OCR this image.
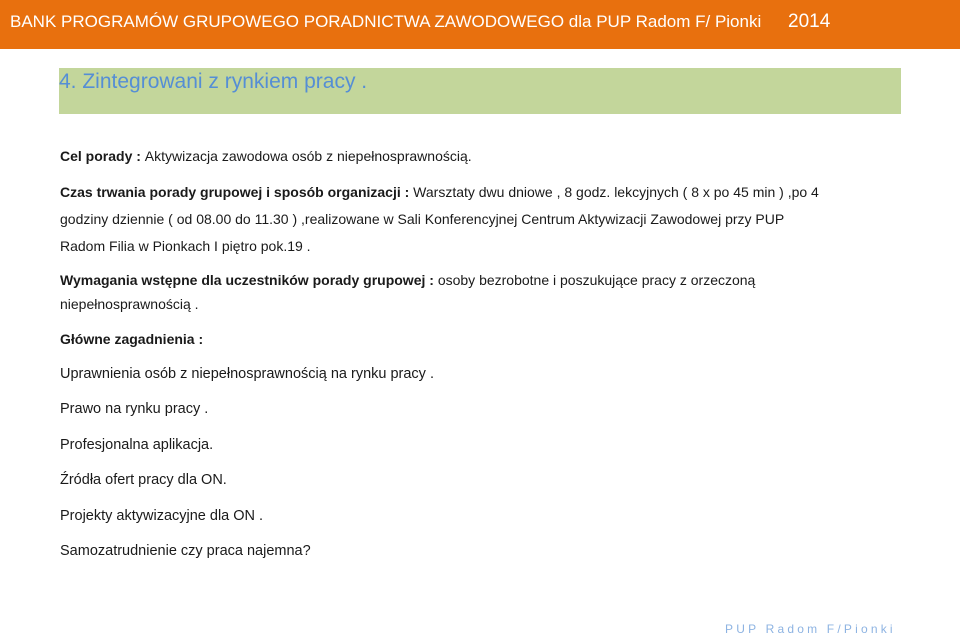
BANK PROGRAMÓW GRUPOWEGO PORADNICTWA ZAWODOWEGO dla PUP Radom F/ Pionki 2014
4. Zintegrowani z rynkiem pracy .
Cel porady : Aktywizacja zawodowa osób z niepełnosprawnością.
Czas trwania porady grupowej i sposób organizacji : Warsztaty dwu dniowe , 8 godz. lekcyjnych ( 8 x po 45 min ) ,po 4
godziny dziennie ( od 08.00 do 11.30 ) ,realizowane w Sali Konferencyjnej Centrum Aktywizacji Zawodowej przy PUP
Radom Filia w Pionkach I piętro pok.19 .
Wymagania wstępne dla uczestników porady grupowej : osoby bezrobotne i poszukujące pracy z orzeczoną
niepełnosprawnością .
Główne zagadnienia :
Uprawnienia osób z niepełnosprawnością na rynku pracy .
Prawo na rynku pracy .
Profesjonalna aplikacja.
Źródła ofert pracy dla ON.
Projekty aktywizacyjne dla ON .
Samozatrudnienie czy praca najemna?
PUP Radom F/Pionki
